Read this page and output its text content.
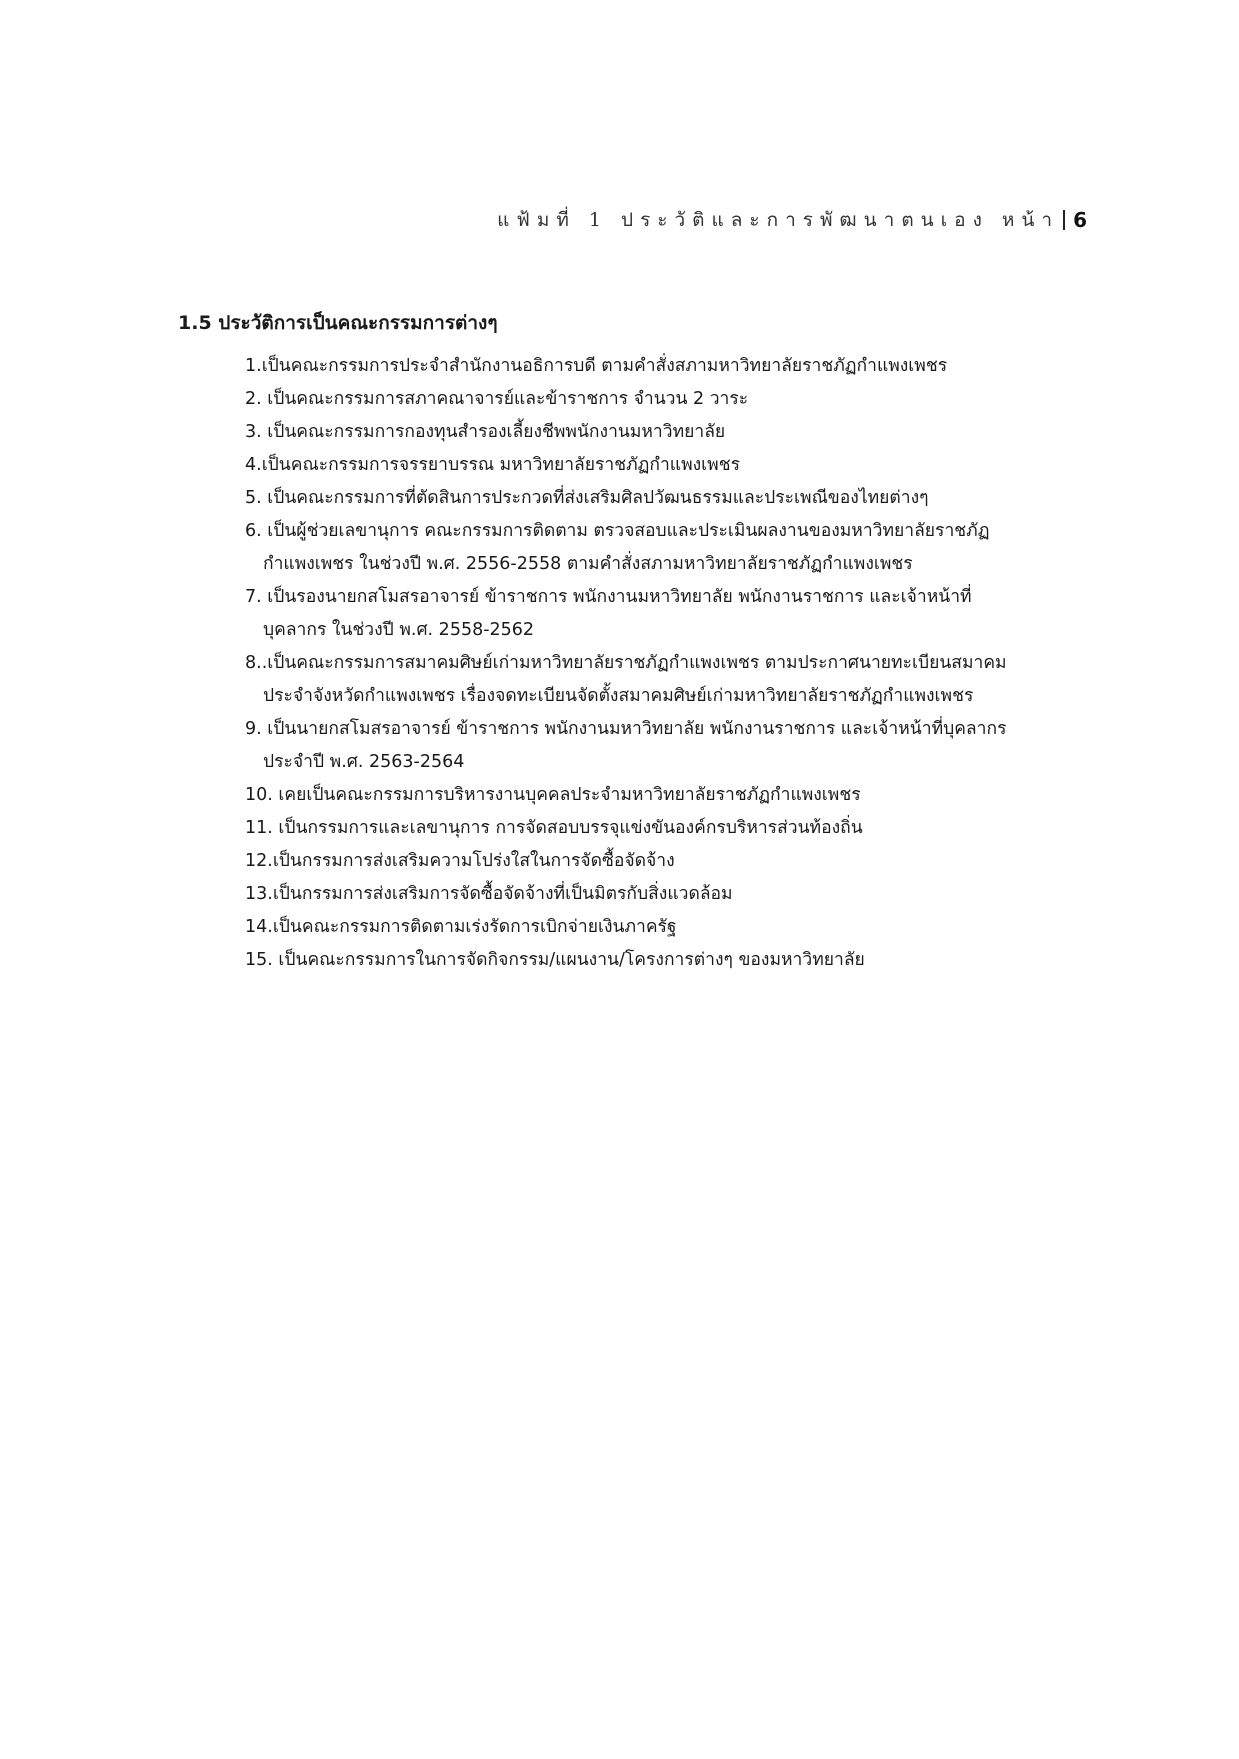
แฟ้มที่ 1 ประวัติและการพัฒนาตนเอง หน้า 6
1.5 ประวัติการเป็นคณะกรรมการต่างๆ
1.เป็นคณะกรรมการประจำสำนักงานอธิการบดี ตามคำสั่งสภามหาวิทยาลัยราชภัฏกำแพงเพชร
2. เป็นคณะกรรมการสภาคณาจารย์และข้าราชการ จำนวน 2 วาระ
3. เป็นคณะกรรมการกองทุนสำรองเลี้ยงชีพพนักงานมหาวิทยาลัย
4.เป็นคณะกรรมการจรรยาบรรณ มหาวิทยาลัยราชภัฏกำแพงเพชร
5. เป็นคณะกรรมการที่ตัดสินการประกวดที่ส่งเสริมศิลปวัฒนธรรมและประเพณีของไทยต่างๆ
6. เป็นผู้ช่วยเลขานุการ คณะกรรมการติดตาม ตรวจสอบและประเมินผลงานของมหาวิทยาลัยราชภัฏ
กำแพงเพชร ในช่วงปี พ.ศ. 2556-2558 ตามคำสั่งสภามหาวิทยาลัยราชภัฏกำแพงเพชร
7. เป็นรองนายกสโมสรอาจารย์ ข้าราชการ พนักงานมหาวิทยาลัย พนักงานราชการ และเจ้าหน้าที่
บุคลากร ในช่วงปี พ.ศ. 2558-2562
8..เป็นคณะกรรมการสมาคมศิษย์เก่ามหาวิทยาลัยราชภัฏกำแพงเพชร ตามประกาศนายทะเบียนสมาคม
ประจำจังหวัดกำแพงเพชร เรื่องจดทะเบียนจัดตั้งสมาคมศิษย์เก่ามหาวิทยาลัยราชภัฏกำแพงเพชร
9. เป็นนายกสโมสรอาจารย์ ข้าราชการ พนักงานมหาวิทยาลัย พนักงานราชการ และเจ้าหน้าที่บุคลากร
ประจำปี พ.ศ. 2563-2564
10. เคยเป็นคณะกรรมการบริหารงานบุคคลประจำมหาวิทยาลัยราชภัฏกำแพงเพชร
11. เป็นกรรมการและเลขานุการ การจัดสอบบรรจุแข่งขันองค์กรบริหารส่วนท้องถิ่น
12.เป็นกรรมการส่งเสริมความโปร่งใสในการจัดซื้อจัดจ้าง
13.เป็นกรรมการส่งเสริมการจัดซื้อจัดจ้างที่เป็นมิตรกับสิ่งแวดล้อม
14.เป็นคณะกรรมการติดตามเร่งรัดการเบิกจ่ายเงินภาครัฐ
15. เป็นคณะกรรมการในการจัดกิจกรรม/แผนงาน/โครงการต่างๆ ของมหาวิทยาลัย
